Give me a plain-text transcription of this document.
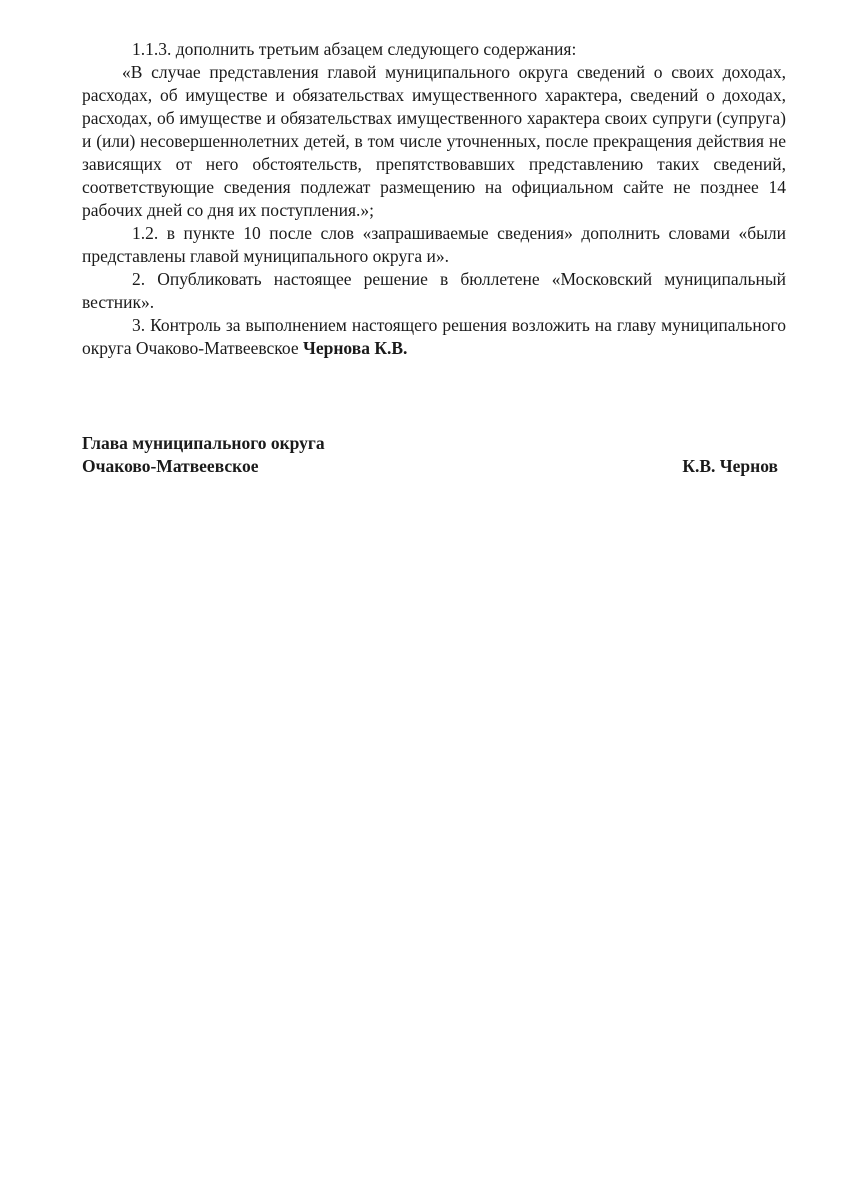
1.1.3. дополнить третьим абзацем следующего содержания:

«В случае представления главой муниципального округа сведений о своих доходах, расходах, об имуществе и обязательствах имущественного характера, сведений о доходах, расходах, об имуществе и обязательствах имущественного характера своих супруги (супруга) и (или) несовершеннолетних детей, в том числе уточненных, после прекращения действия не зависящих от него обстоятельств, препятствовавших представлению таких сведений, соответствующие сведения подлежат размещению на официальном сайте не позднее 14 рабочих дней со дня их поступления.»;

1.2. в пункте 10 после слов «запрашиваемые сведения» дополнить словами «были представлены главой муниципального округа и».

2. Опубликовать настоящее решение в бюллетене «Московский муниципальный вестник».

3. Контроль за выполнением настоящего решения возложить на главу муниципального округа Очаково-Матвеевское Чернова К.В.

Глава муниципального округа
Очаково-Матвеевское	К.В. Чернов
